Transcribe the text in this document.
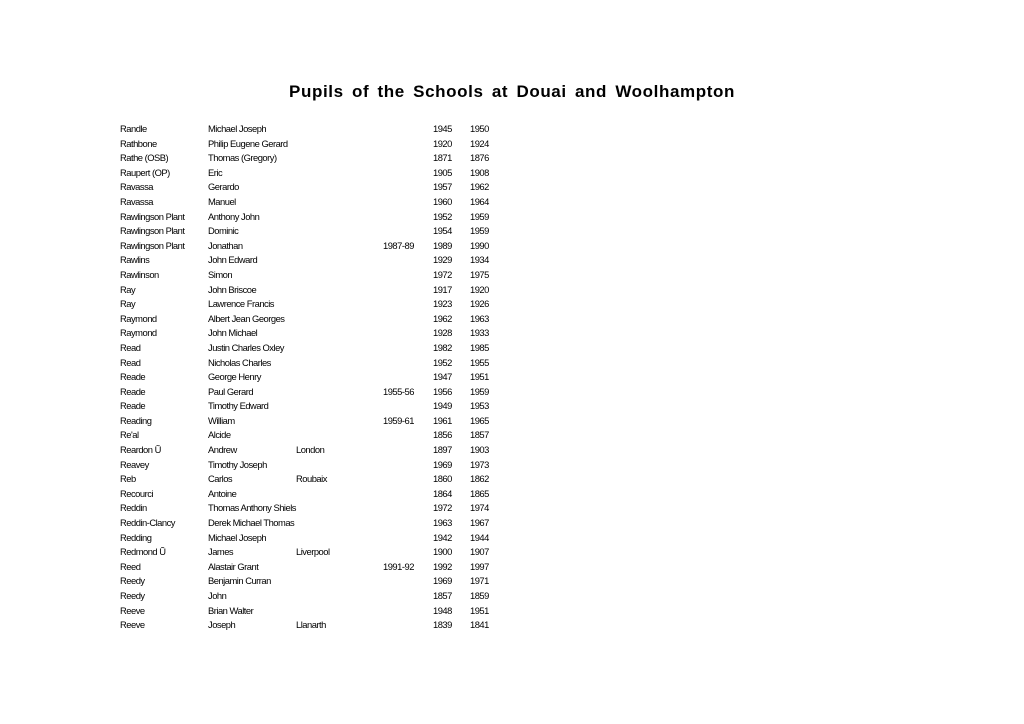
Pupils of the Schools at Douai and Woolhampton
Randle	Michael Joseph	1945 1950
Rathbone	Philip Eugene Gerard	1920 1924
Rathe (OSB)	Thomas (Gregory)	1871 1876
Raupert (OP)	Eric	1905 1908
Ravassa	Gerardo	1957 1962
Ravassa	Manuel	1960 1964
Rawlingson Plant	Anthony John	1952 1959
Rawlingson Plant	Dominic	1954 1959
Rawlingson Plant	Jonathan	1987-89 1989 1990
Rawlins	John Edward	1929 1934
Rawlinson	Simon	1972 1975
Ray	John Briscoe	1917 1920
Ray	Lawrence Francis	1923 1926
Raymond	Albert Jean Georges	1962 1963
Raymond	John Michael	1928 1933
Read	Justin Charles Oxley	1982 1985
Read	Nicholas Charles	1952 1955
Reade	George Henry	1947 1951
Reade	Paul Gerard	1955-56 1956 1959
Reade	Timothy Edward	1949 1953
Reading	William	1959-61 1961 1965
Re'al	Alcide	1856 1857
Reardon Ũ	Andrew	London	1897 1903
Reavey	Timothy Joseph	1969 1973
Reb	Carlos	Roubaix	1860 1862
Recourci	Antoine	1864 1865
Reddin	Thomas Anthony Shiels	1972 1974
Reddin-Clancy	Derek Michael Thomas	1963 1967
Redding	Michael Joseph	1942 1944
Redmond Ũ	James	Liverpool	1900 1907
Reed	Alastair Grant	1991-92 1992 1997
Reedy	Benjamin Curran	1969 1971
Reedy	John	1857 1859
Reeve	Brian Walter	1948 1951
Reeve	Joseph	Llanarth	1839 1841
